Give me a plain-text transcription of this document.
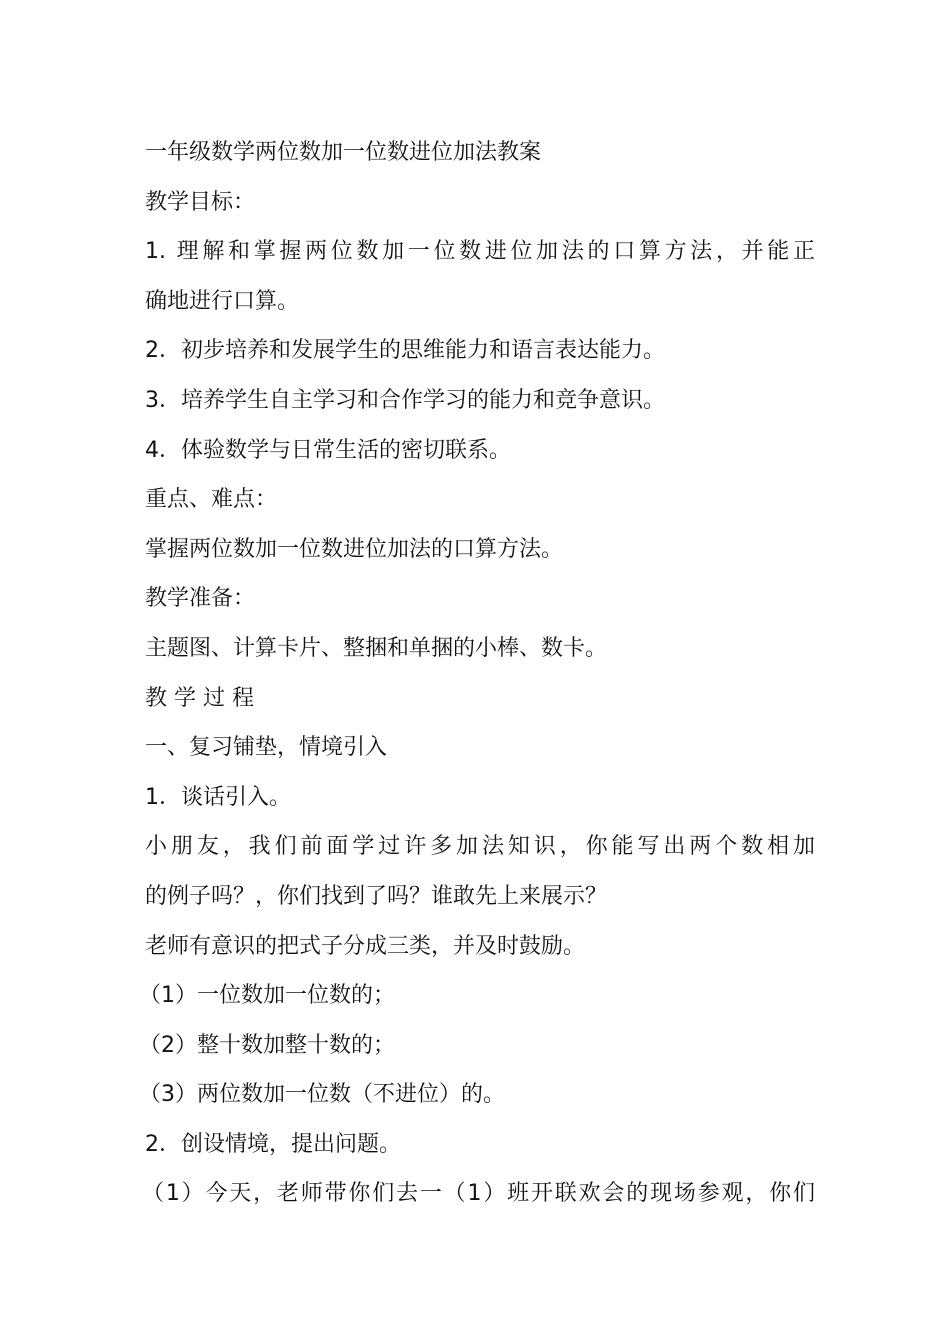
一年级数学两位数加一位数进位加法教案
教学目标：
1. 理解和掌握两位数加一位数进位加法的口算方法，并能正
确地进行口算。
2．初步培养和发展学生的思维能力和语言表达能力。
3．培养学生自主学习和合作学习的能力和竞争意识。
4．体验数学与日常生活的密切联系。
重点、难点：
掌握两位数加一位数进位加法的口算方法。
教学准备：
主题图、计算卡片、整捆和单捆的小棒、数卡。
教 学 过 程
一、复习铺垫，情境引入
1．谈话引入。
小朋友，我们前面学过许多加法知识，你能写出两个数相加
的例子吗？，你们找到了吗？谁敢先上来展示？
老师有意识的把式子分成三类，并及时鼓励。
（1）一位数加一位数的；
（2）整十数加整十数的；
（3）两位数加一位数（不进位）的。
2．创设情境，提出问题。
（1）今天，老师带你们去一（1）班开联欢会的现场参观，你们
